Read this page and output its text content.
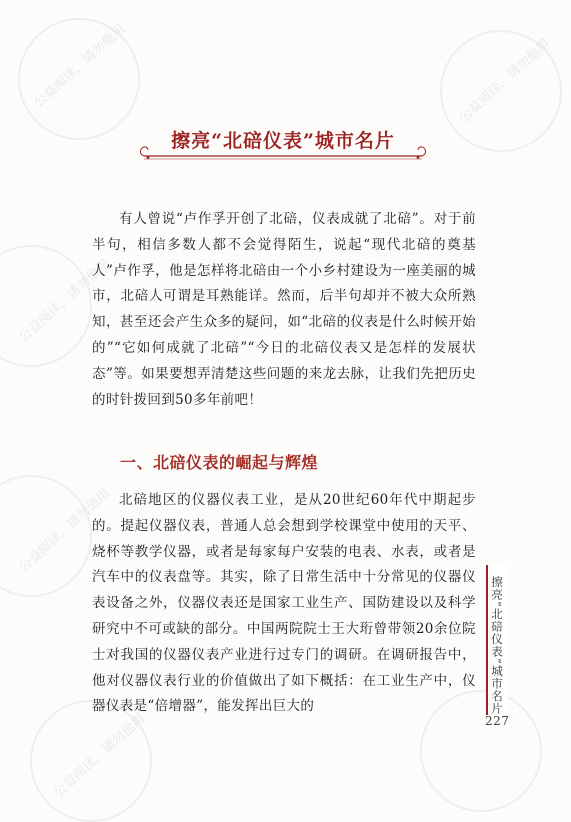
公益阅读，请勿他用	公益阅读，请勿他用
公益阅读，请勿他用
公益阅读，请勿他用
公益阅读，请勿他用
擦亮“北碚仪表”城市名片

有人曾说“卢作孚开创了北碚，仪表成就了北碚”。对于前半句，相信多数人都不会觉得陌生，说起“现代北碚的奠基人”卢作孚，他是怎样将北碚由一个小乡村建设为一座美丽的城市，北碚人可谓是耳熟能详。然而，后半句却并不被大众所熟知，甚至还会产生众多的疑问，如“北碚的仪表是什么时候开始的”“它如何成就了北碚”“今日的北碚仪表又是怎样的发展状态”等。如果要想弄清楚这些问题的来龙去脉，让我们先把历史的时针拨回到50多年前吧！

一、北碚仪表的崛起与辉煌

北碚地区的仪器仪表工业，是从20世纪60年代中期起步的。提起仪器仪表，普通人总会想到学校课堂中使用的天平、烧杯等教学仪器，或者是每家每户安装的电表、水表，或者是汽车中的仪表盘等。其实，除了日常生活中十分常见的仪器仪表设备之外，仪器仪表还是国家工业生产、国防建设以及科学研究中不可或缺的部分。中国两院院士王大珩曾带领20余位院士对我国的仪器仪表产业进行过专门的调研。在调研报告中，他对仪器仪表行业的价值做出了如下概括：在工业生产中，仪器仪表是“倍增器”，能发挥出巨大的	擦亮“北碚仪表”城市名片
227
